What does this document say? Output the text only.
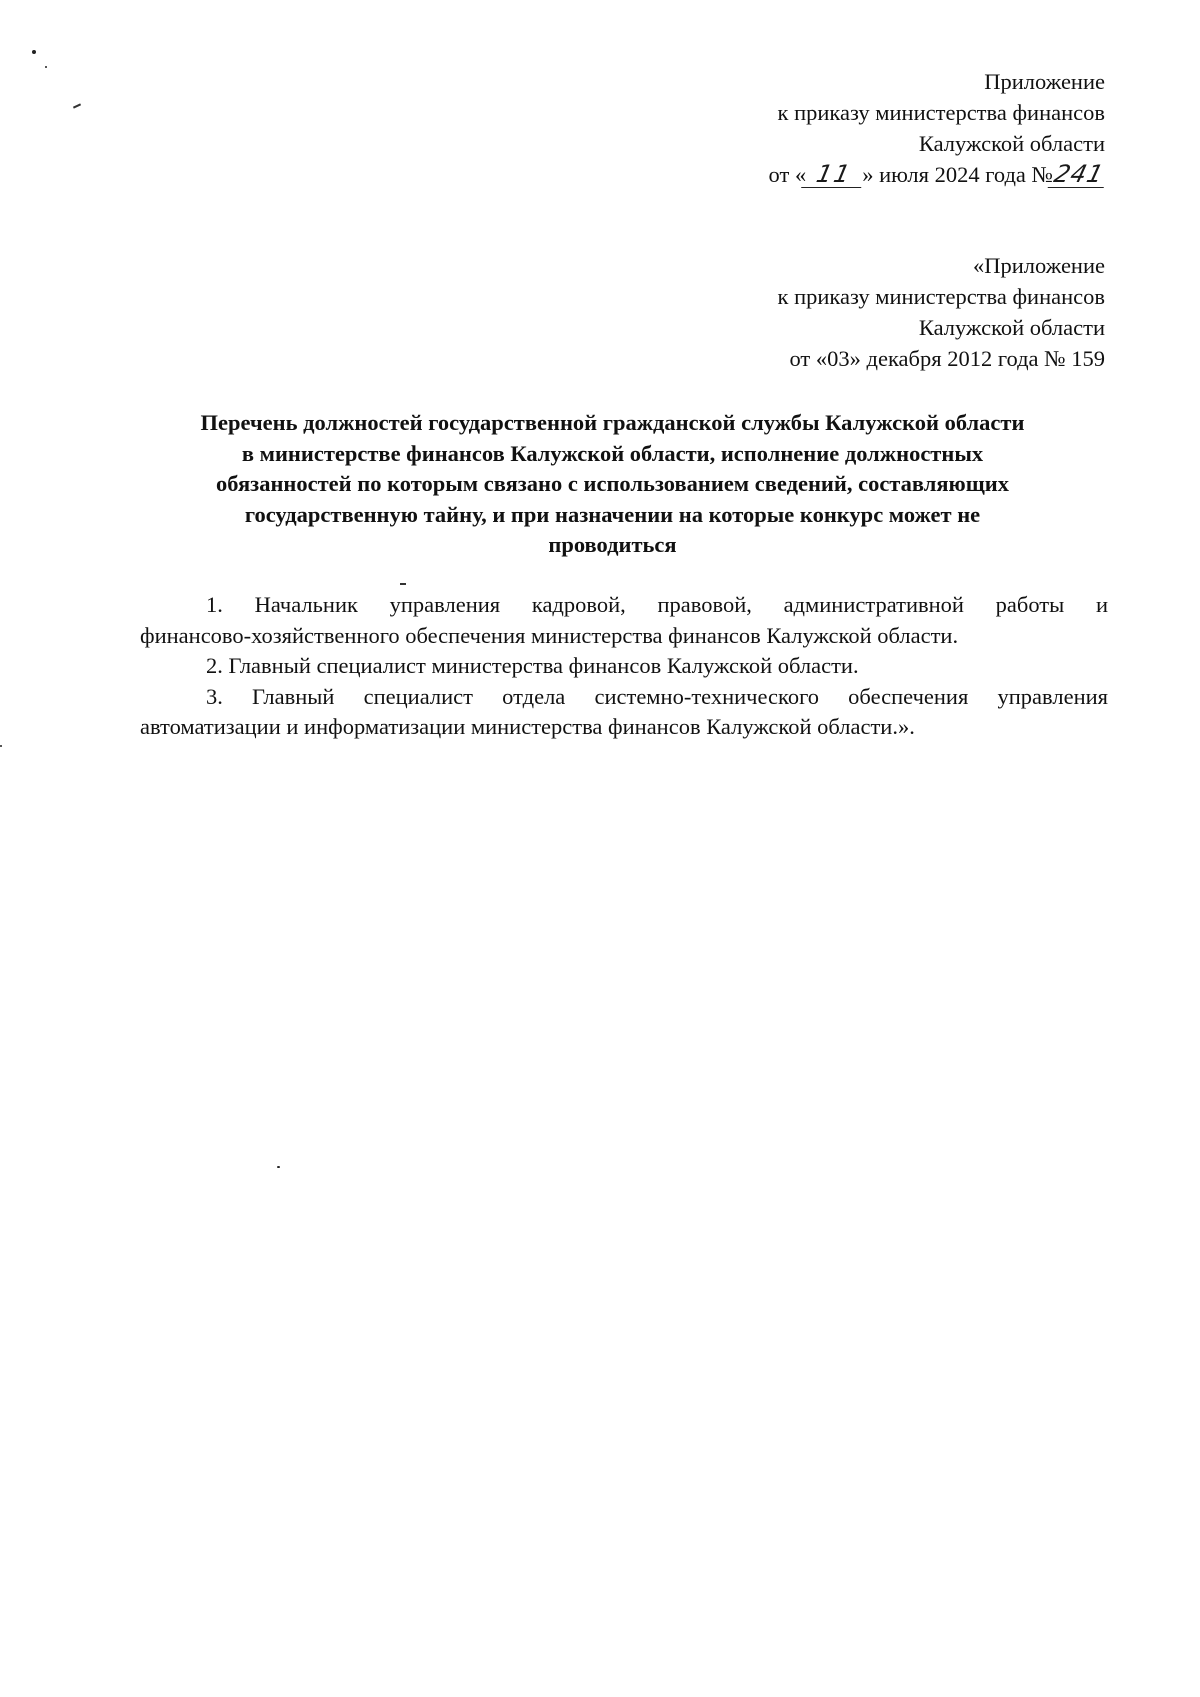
Приложение
к приказу министерства финансов
Калужской области
от « 11 » июля 2024 года №241
«Приложение
к приказу министерства финансов
Калужской области
от «03» декабря 2012 года № 159
Перечень должностей государственной гражданской службы Калужской области
в министерстве финансов Калужской области, исполнение должностных
обязанностей по которым связано с использованием сведений, составляющих
государственную тайну, и при назначении на которые конкурс может не
проводиться
1. Начальник управления кадровой, правовой, административной работы и
финансово-хозяйственного обеспечения министерства финансов Калужской области.
2. Главный специалист министерства финансов Калужской области.
3. Главный специалист отдела системно-технического обеспечения управления
автоматизации и информатизации министерства финансов Калужской области.».
